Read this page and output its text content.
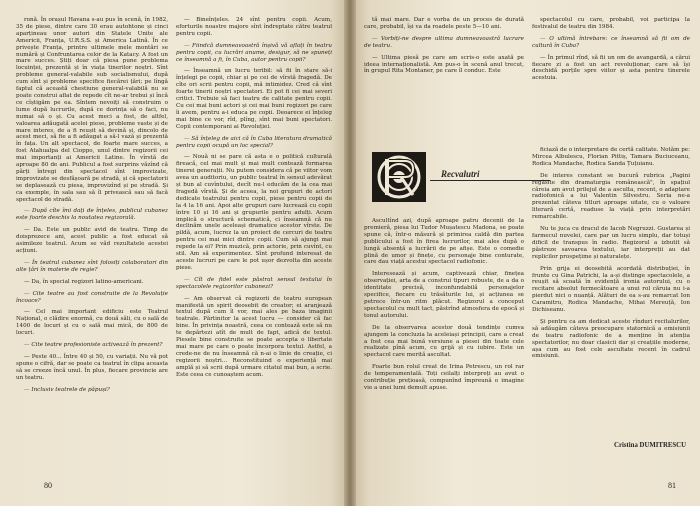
ronă. În orașul Havana s-au pus în scenă, în 1982, 35 de piese, dintre care 30 erau autohtone și cinci aparțineau unor autori din Statele Unite ale Americii, Franța, U.R.S.S. și America Latină. În ce privește Franța, printre ultimele mele montări se numără și Confruntarea celor de la Katacy. A fost un mare succes. Știți doar că piesa pune problema locuinței, prezentă și în viața tinerilor noștri. Sînt probleme general-valabile sub socialismului, după cum sînt și probleme specifice fiecărei țări; pe lîngă faptul că această chestiune general-valabilă nu se poate construi aflat de repede cît ne-ar trebui și încă ce cîștigăm pe ea. Sîntem nevoiți să construim o lume după lucrurile, după ce dorința să o faci, nu numai să o și. Cu acest meci a fost, de altfel, valoarea adăugată acelei piese, probleme vaste și de mare interes, de a fi reușit să devină și, dincolo de acest meci, să fie a fi adăugat a să-l vază și prezentă în fața. Un alt spectacol, de foarte mare succes, a fost Atahualpa del Cioppo, unul dintre regizorii cei mai importanți ai Americii Latine. În vîrstă de aproape 80 de ani. Publicul a fost surprins văzînd că părți întregi din spectacol sînt improvizate, improvizate se desfășoară pe stradă, și că spectatorii se deplasează cu piesa, improvizînd și pe stradă. Și ca exemple, în sala sau să îl privească sau să facă spectacol de stradă.

— După cîte îmi dați de înțeles, publicul cubanez este foarte deschis la noutatea regizorală.

— Da. Este un public avid de teatru. Timp de doisprezece ani, acest public a fost educat să asimileze teatrul. Acum se văd rezultatele acestei acțiuni.

— În teatrul cubanez sînt folosiți colaboratori din alte țări în materie de regie?

— Da, în special regizori latino-americani.

— Cite teatre au fost construite de la Revoluție încoace?

— Cel mai important edificiu este Teatrul Național, o clădire enormă, cu două săli, cu o sală de 1400 de locuri și cu o sală mai mică, de 800 de locuri.

— Cite teatre profesioniste activează în prezent?

— Peste 40... Între 40 și 50, cu variații. Nu vă pot spune o cifră, dar se poate ca teatrul în clipa aceasta să se creeze încă unul. În plus, fiecare provincie are un teatru.

— Inclusiv teatrele de păpuși?

— Bineînțeles. 24 sînt pentru copii. Acum, eforturile noastre majore sînt îndreptate către teatrul pentru copii.

— Fiindcă dumneavoastră înșivă vă aflați în teatru pentru copii, cu lucrări anume, desigur, să ne spuneți ce înseamnă a fi, în Cuba, autor pentru copii?

— Înseamnă un lucru teribil: să fii în stare să-i înțelegi pe copii, chiar și pe cei de vîrstă fragedă. De cîte ori scrii pentru copii, mă intimidez. Cred că sînt foarte tinerii noștri spectatori. Ei pot fi cei mai severi critici. Trebuie să faci teatru de calitate pentru copii. Cu cei mai buni actori și cei mai buni regizori pe care îi avem, pentru a-i educa pe copii. Deoarece ei înțeleg mai bine ce vor, rîd, plîng, sînt mai buni spectatori. Copii contemporani ai Revoluției.

— Să înțeleg de aici că în Cuba literatura dramatică pentru copii ocupă un loc special?

— Nouă ni se pare că asta e o politică culturală fireacă, cel mai mult și mai mult contează formarea tinerei generații. Nu putem considera că pe viitor vom avea un auditoriu, un public teatral în sensul adevărat și bun al cuvîntului, decît nu-l educăm de la cea mai fragedă vîrstă. Și de aceea, la noi grupuri de actori dedicate teatrului pentru copii, piese pentru copii de la 4 la 16 ani. Apoi alte grupuri care lucrează cu copii între 10 și 16 ani și grupurile pentru adulți. Acum implică o structură schematică, ci înseamnă că nu declinăm unele aceleași dramatice acestor vîrste. De pildă, acum, lucrez la un proiect de cercuri de teatru pentru cei mai mici dintre copii. Cum să ajungi mai repede la ei? Prin muzică, prin actorie, prin cuvînt, cu stil. Am să experimentez. Sînt profund interesat de aceste lucruri pe care le pot ușor dezvolta din aceste piese.

— Cît de fidel este păstrat sensul textului în spectacolele regizorilor cubanezi?

— Am observat că regizorii de teatru european manifestă un spirit deosebit de creator; ei aranjează textul după cum îl vor, mai ales pe baza imaginii teatrale. Părtinitor la acest lucru — consider că fac bine. În privința noastră, ceea ce contează este să nu te depărtezi atît de mult de fapt, adică de textul. Piesele bine construite se poate accepta o libertate mai mare pe care o poate încorpora textul. Astfel, a crede-ne de nu înseamnă că n-ai o linie de creație, ci regizorii noștri... Reconstituind o experiență mai amplă și să scrii după urmare citatul mai bun, a scrie. Este ceea ce cunoaștem acum.

80

tă mai mare. Dar e vorba de un proces de durată care, probabil, își va da roadele peste 5—10 ani.

— Vorbiți-ne despre ultima dumneavoastră lucrare de teatru.

— Ultima piesă pe care am scris-o este axată pe ideea internaționalistă. Am pus-o în scenă anul trecut, în grupul Rita Montaner, pe care îl conduc. Este

spectacolul cu care, probabil, voi participa la festivalul de teatru din 1984.

— O ultimă întrebare: ce înseamnă să fii om de cultură în Cuba?

— În primul rînd, să fii un om de avangardă, a cărui fiecare zi a fost un act revoluționar, care să își deschidă porțile spre viitor și asta pentru tinerele acestuia.

Recvalutri

Ascultînd azi, după aproape patru decenii de la premieră, piesa lui Tudor Mușatescu Madona, se poate spune că, într-o măsură și primirea caldă din partea publicului a fost în firea lucrurilor, mai ales după o lungă absență a lucrării de pe afișe. Este o comedie plină de umor și finețe, cu personaje bine conturate, care dau viață acestui spectacol radiofonic.

Interesează și acum, captivează chiar, finețea observației, arta de a construi tipuri robuste, de a da o identitate precisă, inconfundabilă personajelor specifice, fiecare cu trăsăturile lui, și acțiunea se petrece într-un ritm plăcut. Regizorul a conceput spectacolul cu mult tact, păstrînd atmosfera de epocă și tonul autorului.

De la observarea acestor două tendințe cumva ajungem la concluzia la aceleiași principii, care a creat a fost cea mai bună versiune a piesei din toate cele realizate pînă acum, cu grijă și cu iubire. Este un spectacol care merită ascultat.

Foarte bun rolul creat de Irina Petrescu, un rol rar de temperamentală. Toți ceilalți interpreți au avut o contribuție prețioasă, compunînd împreună o imagine vie a unei lumi demult apuse.

ficiază de o interpretare de certă calitate. Notăm pe: Mircea Albulescu, Florian Pittiș, Tamara Buciuceanu, Rodica Mandache, Rodica Sanda Țuțuianu.

De interes constant se bucură rubrica „Pagini regăsite din dramaturgia românească", în spațiul căreia am avut prilejul de a asculta, recent, o adaptare radiofonică a lui Valentin Silvestru. Seria ne-a prezentat câteva titluri aproape uitate, cu o valoare literară certă, readuse la viață prin interpretări remarcabile.

Nu te juca cu dracul de Iacob Negruzzi. Gustarea și farmecul nuvelei, care par un lucru simplu, dar totuși dificil de transpus în radio. Regizorul a izbutit să păstreze savoarea textului, iar interpreții au dat replicilor prospețime și naturalețe.

Prin grija ei deosebită acordată distribuției, în frunte cu Gina Patrichi, la a-și distinge spectacolele, a reușit să scoată în evidență ironia autorului, cu o recitare absolut fermecătoare a unui rol căruia nu i-a pierdut nici o nuanță. Alături de ea s-au remarcat Ion Caramitru, Rodica Mandache, Mihai Mereuță, Ion Dichiseanu.

Și pentru ca am dedicat aceste rînduri recitalurilor, să adăugăm câteva preocupare statornică a emisiunii de teatru radiofonic de a menține în atenția spectatorilor, nu doar clasicii dar și creațiile moderne, așa cum au fost cele ascultate recent în cadrul emisiunii.

Cristina DUMITRESCU
81
